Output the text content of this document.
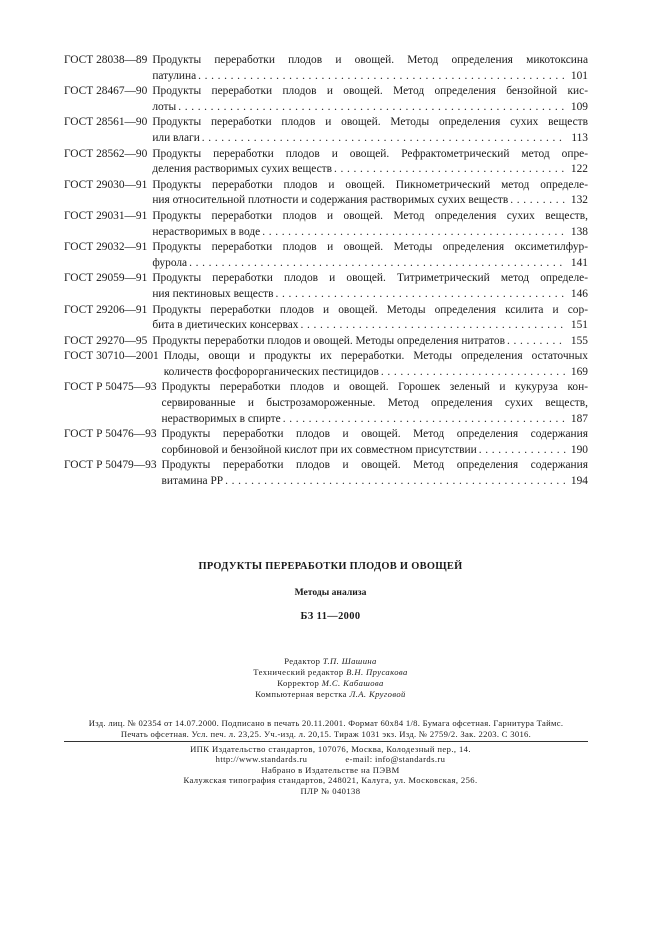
ГОСТ 28038—89 Продукты переработки плодов и овощей. Метод определения микотоксина
патулина . . .	101
ГОСТ 28467—90 Продукты переработки плодов и овощей. Метод определения бензойной кис-
лоты . . .	109
ГОСТ 28561—90 Продукты переработки плодов и овощей. Методы определения сухих веществ
или влаги . . .	113
ГОСТ 28562—90 Продукты переработки плодов и овощей. Рефрактометрический метод опре-
деления растворимых сухих веществ . . .	122
ГОСТ 29030—91 Продукты переработки плодов и овощей. Пикнометрический метод определе-
ния относительной плотности и содержания растворимых сухих веществ . . .	132
ГОСТ 29031—91 Продукты переработки плодов и овощей. Метод определения сухих веществ,
нерастворимых в воде . . .	138
ГОСТ 29032—91 Продукты переработки плодов и овощей. Методы определения оксиметилфур-
фурола . . .	141
ГОСТ 29059—91 Продукты переработки плодов и овощей. Титриметрический метод определе-
ния пектиновых веществ . . .	146
ГОСТ 29206—91 Продукты переработки плодов и овощей. Методы определения ксилита и сор-
бита в диетических консервах . . .	151
ГОСТ 29270—95 Продукты переработки плодов и овощей. Методы определения нитратов . . .	155
ГОСТ 30710—2001 Плоды, овощи и продукты их переработки. Методы определения остаточных
количеств фосфорорганических пестицидов . . .	169
ГОСТ Р 50475—93 Продукты переработки плодов и овощей. Горошек зеленый и кукуруза кон-
сервированные и быстрозамороженные. Метод определения сухих веществ,
нерастворимых в спирте . . .	187
ГОСТ Р 50476—93 Продукты переработки плодов и овощей. Метод определения содержания
сорбиновой и бензойной кислот при их совместном присутствии . . .	190
ГОСТ Р 50479—93 Продукты переработки плодов и овощей. Метод определения содержания
витамина PP . . .	194
ПРОДУКТЫ ПЕРЕРАБОТКИ ПЛОДОВ И ОВОЩЕЙ
Методы анализа
БЗ 11—2000
Редактор Т.П. Шашина
Технический редактор В.Н. Прусакова
Корректор М.С. Кабашова
Компьютерная верстка Л.А. Круговой
Изд. лиц. № 02354 от 14.07.2000. Подписано в печать 20.11.2001. Формат 60x84 1/8. Бумага офсетная. Гарнитура Таймс.
Печать офсетная. Усл. печ. л. 23,25. Уч.-изд. л. 20,15. Тираж 1031 экз. Изд. № 2759/2. Зак. 2203. С 3016.
ИПК Издательство стандартов, 107076, Москва, Колодезный пер., 14.
http://www.standards.ru	e-mail: info@standards.ru
Набрано в Издательстве на ПЭВМ
Калужская типография стандартов, 248021, Калуга, ул. Московская, 256.
ПЛР № 040138
